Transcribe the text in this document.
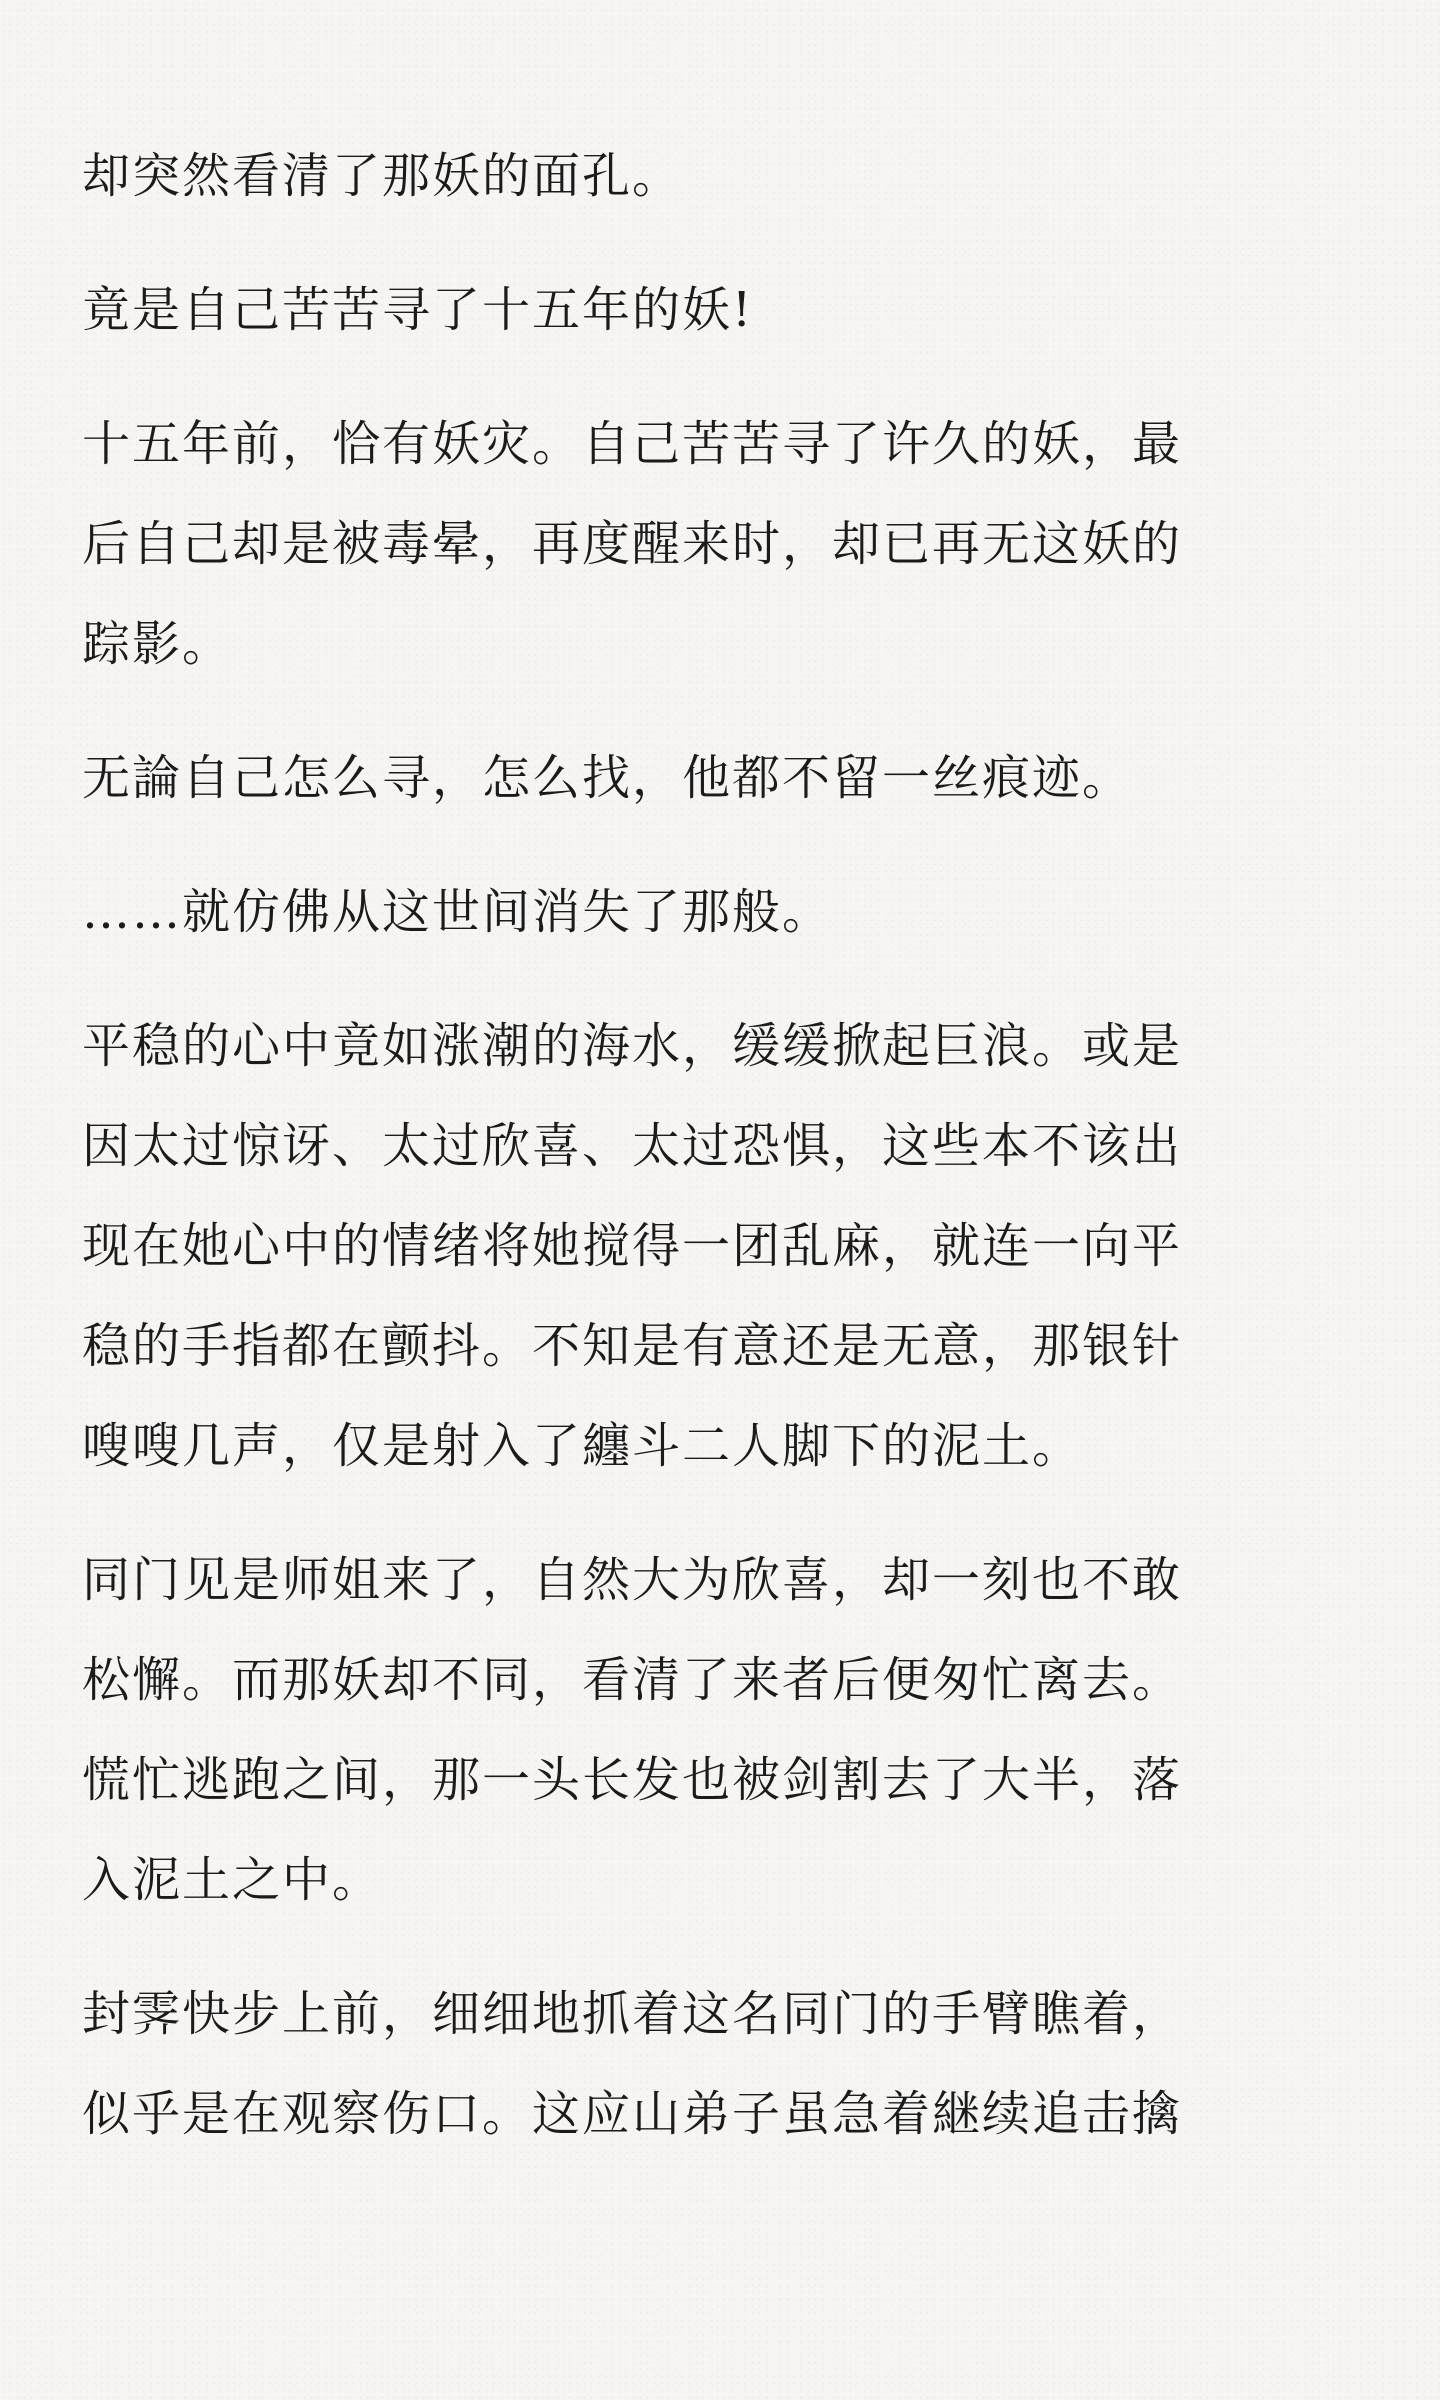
却突然看清了那妖的面孔。

竟是自己苦苦寻了十五年的妖!

十五年前，恰有妖灾。自己苦苦寻了许久的妖，最
后自己却是被毒晕，再度醒来时，却已再无这妖的
踪影。

无論自己怎么寻，怎么找，他都不留一丝痕迹。

……就仿佛从这世间消失了那般。

平稳的心中竟如涨潮的海水，缓缓掀起巨浪。或是
因太过惊讶、太过欣喜、太过恐惧，这些本不该出
现在她心中的情绪将她搅得一团乱麻，就连一向平
稳的手指都在颤抖。不知是有意还是无意，那银针
嗖嗖几声，仅是射入了纏斗二人脚下的泥土。

同门见是师姐来了，自然大为欣喜，却一刻也不敢
松懈。而那妖却不同，看清了来者后便匆忙离去。
慌忙逃跑之间，那一头长发也被剑割去了大半，落
入泥土之中。

封霁快步上前，细细地抓着这名同门的手臂瞧着，
似乎是在观察伤口。这应山弟子虽急着継续追击擒
